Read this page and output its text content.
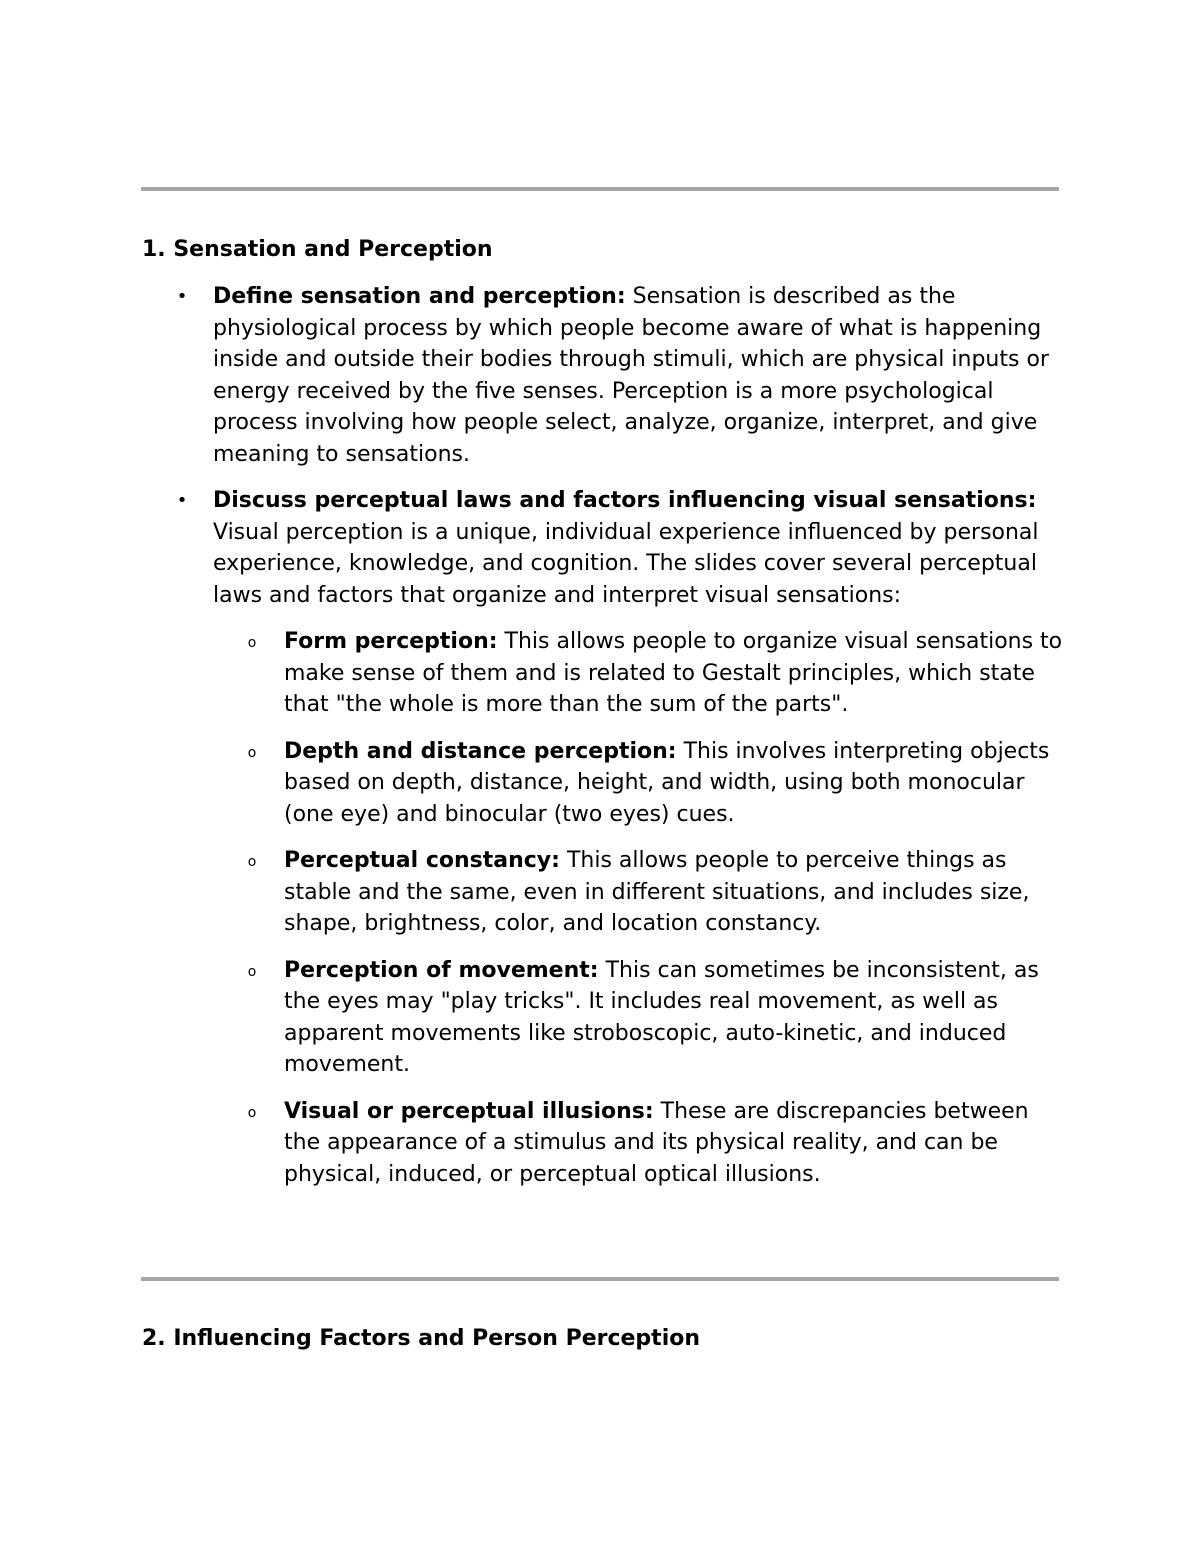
1. Sensation and Perception
• Define sensation and perception: Sensation is described as the physiological process by which people become aware of what is happening inside and outside their bodies through stimuli, which are physical inputs or energy received by the five senses. Perception is a more psychological process involving how people select, analyze, organize, interpret, and give meaning to sensations.
• Discuss perceptual laws and factors influencing visual sensations: Visual perception is a unique, individual experience influenced by personal experience, knowledge, and cognition. The slides cover several perceptual laws and factors that organize and interpret visual sensations:
o Form perception: This allows people to organize visual sensations to make sense of them and is related to Gestalt principles, which state that "the whole is more than the sum of the parts".
o Depth and distance perception: This involves interpreting objects based on depth, distance, height, and width, using both monocular (one eye) and binocular (two eyes) cues.
o Perceptual constancy: This allows people to perceive things as stable and the same, even in different situations, and includes size, shape, brightness, color, and location constancy.
o Perception of movement: This can sometimes be inconsistent, as the eyes may "play tricks". It includes real movement, as well as apparent movements like stroboscopic, auto-kinetic, and induced movement.
o Visual or perceptual illusions: These are discrepancies between the appearance of a stimulus and its physical reality, and can be physical, induced, or perceptual optical illusions.
2. Influencing Factors and Person Perception
